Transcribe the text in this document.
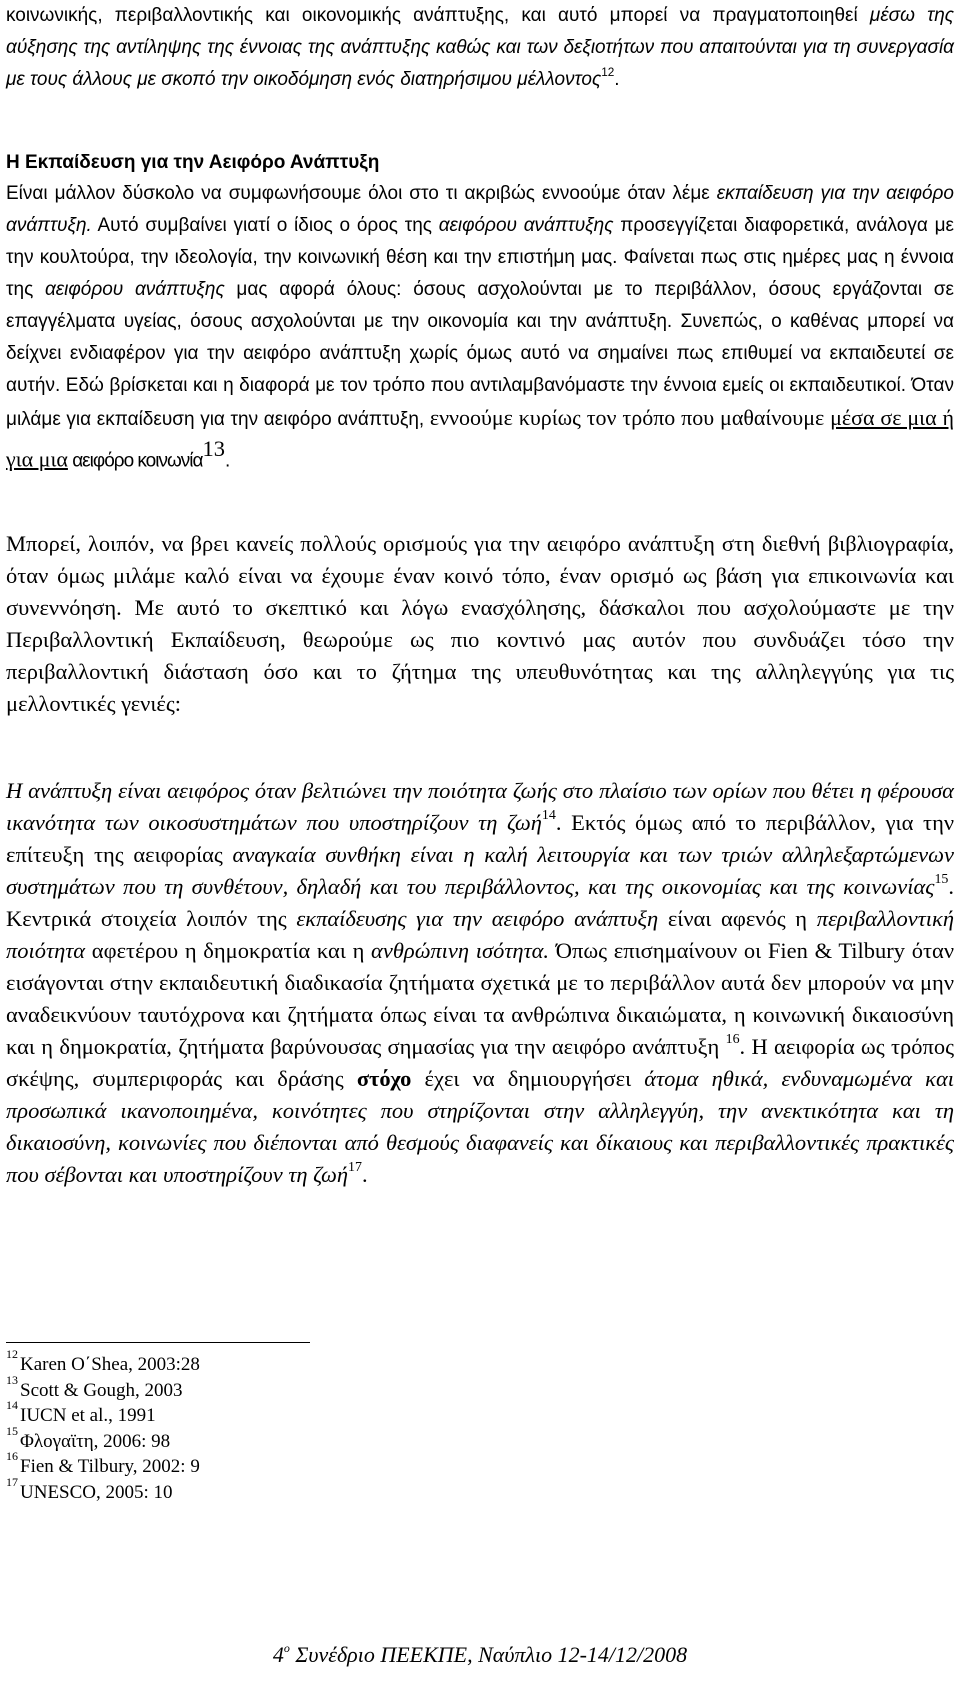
κοινωνικής, περιβαλλοντικής και οικονομικής ανάπτυξης, και αυτό μπορεί να πραγματοποιηθεί μέσω της αύξησης της αντίληψης της έννοιας της ανάπτυξης καθώς και των δεξιοτήτων που απαιτούνται για τη συνεργασία με τους άλλους με σκοπό την οικοδόμηση ενός διατηρήσιμου μέλλοντος$^{12}$.

Η Εκπαίδευση για την Αειφόρο Ανάπτυξη

Είναι μάλλον δύσκολο να συμφωνήσουμε όλοι στο τι ακριβώς εννοούμε όταν λέμε εκπαίδευση για την αειφόρο ανάπτυξη. Αυτό συμβαίνει γιατί ο ίδιος ο όρος της αειφόρου ανάπτυξης προσεγγίζεται διαφορετικά, ανάλογα με την κουλτούρα, την ιδεολογία, την κοινωνική θέση και την επιστήμη μας. Φαίνεται πως στις ημέρες μας η έννοια της αειφόρου ανάπτυξης μας αφορά όλους: όσους ασχολούνται με το περιβάλλον, όσους εργάζονται σε επαγγέλματα υγείας, όσους ασχολούνται με την οικονομία και την ανάπτυξη. Συνεπώς, ο καθένας μπορεί να δείχνει ενδιαφέρον για την αειφόρο ανάπτυξη χωρίς όμως αυτό να σημαίνει πως επιθυμεί να εκπαιδευτεί σε αυτήν. Εδώ βρίσκεται και η διαφορά με τον τρόπο που αντιλαμβανόμαστε την έννοια εμείς οι εκπαιδευτικοί. Όταν μιλάμε για εκπαίδευση για την αειφόρο ανάπτυξη, εννοούμε κυρίως τον τρόπο που μαθαίνουμε μέσα σε μια ή για μια αειφόρο κοινωνία$^{13}$.

Μπορεί, λοιπόν, να βρει κανείς πολλούς ορισμούς για την αειφόρο ανάπτυξη στη διεθνή βιβλιογραφία, όταν όμως μιλάμε καλό είναι να έχουμε έναν κοινό τόπο, έναν ορισμό ως βάση για επικοινωνία και συνεννόηση. Με αυτό το σκεπτικό και λόγω ενασχόλησης, δάσκαλοι που ασχολούμαστε με την Περιβαλλοντική Εκπαίδευση, θεωρούμε ως πιο κοντινό μας αυτόν που συνδυάζει τόσο την περιβαλλοντική διάσταση όσο και το ζήτημα της υπευθυνότητας και της αλληλεγγύης για τις μελλοντικές γενιές:

Η ανάπτυξη είναι αειφόρος όταν βελτιώνει την ποιότητα ζωής στο πλαίσιο των ορίων που θέτει η φέρουσα ικανότητα των οικοσυστημάτων που υποστηρίζουν τη ζωή$^{14}$. Εκτός όμως από το περιβάλλον, για την επίτευξη της αειφορίας αναγκαία συνθήκη είναι η καλή λειτουργία και των τριών αλληλεξαρτώμενων συστημάτων που τη συνθέτουν, δηλαδή και του περιβάλλοντος, και της οικονομίας και της κοινωνίας$^{15}$. Κεντρικά στοιχεία λοιπόν της εκπαίδευσης για την αειφόρο ανάπτυξη είναι αφενός η περιβαλλοντική ποιότητα αφετέρου η δημοκρατία και η ανθρώπινη ισότητα. Όπως επισημαίνουν οι Fien & Tilbury όταν εισάγονται στην εκπαιδευτική διαδικασία ζητήματα σχετικά με το περιβάλλον αυτά δεν μπορούν να μην αναδεικνύουν ταυτόχρονα και ζητήματα όπως είναι τα ανθρώπινα δικαιώματα, η κοινωνική δικαιοσύνη και η δημοκρατία, ζητήματα βαρύνουσας σημασίας για την αειφόρο ανάπτυξη $^{16}$. Η αειφορία ως τρόπος σκέψης, συμπεριφοράς και δράσης στόχο έχει να δημιουργήσει άτομα ηθικά, ενδυναμωμένα και προσωπικά ικανοποιημένα, κοινότητες που στηρίζονται στην αλληλεγγύη, την ανεκτικότητα και τη δικαιοσύνη, κοινωνίες που διέπονται από θεσμούς διαφανείς και δίκαιους και περιβαλλοντικές πρακτικές που σέβονται και υποστηρίζουν τη ζωή$^{17}$.

$^{12}$ Karen O΄Shea, 2003:28
$^{13}$ Scott & Gough, 2003
$^{14}$ IUCN et al., 1991
$^{15}$ Φλογαϊτη, 2006: 98
$^{16}$ Fien & Tilbury, 2002: 9
$^{17}$ UNESCO, 2005: 10
$4^o$ Συνέδριο ΠΕΕΚΠΕ, Ναύπλιο 12-14/12/2008
